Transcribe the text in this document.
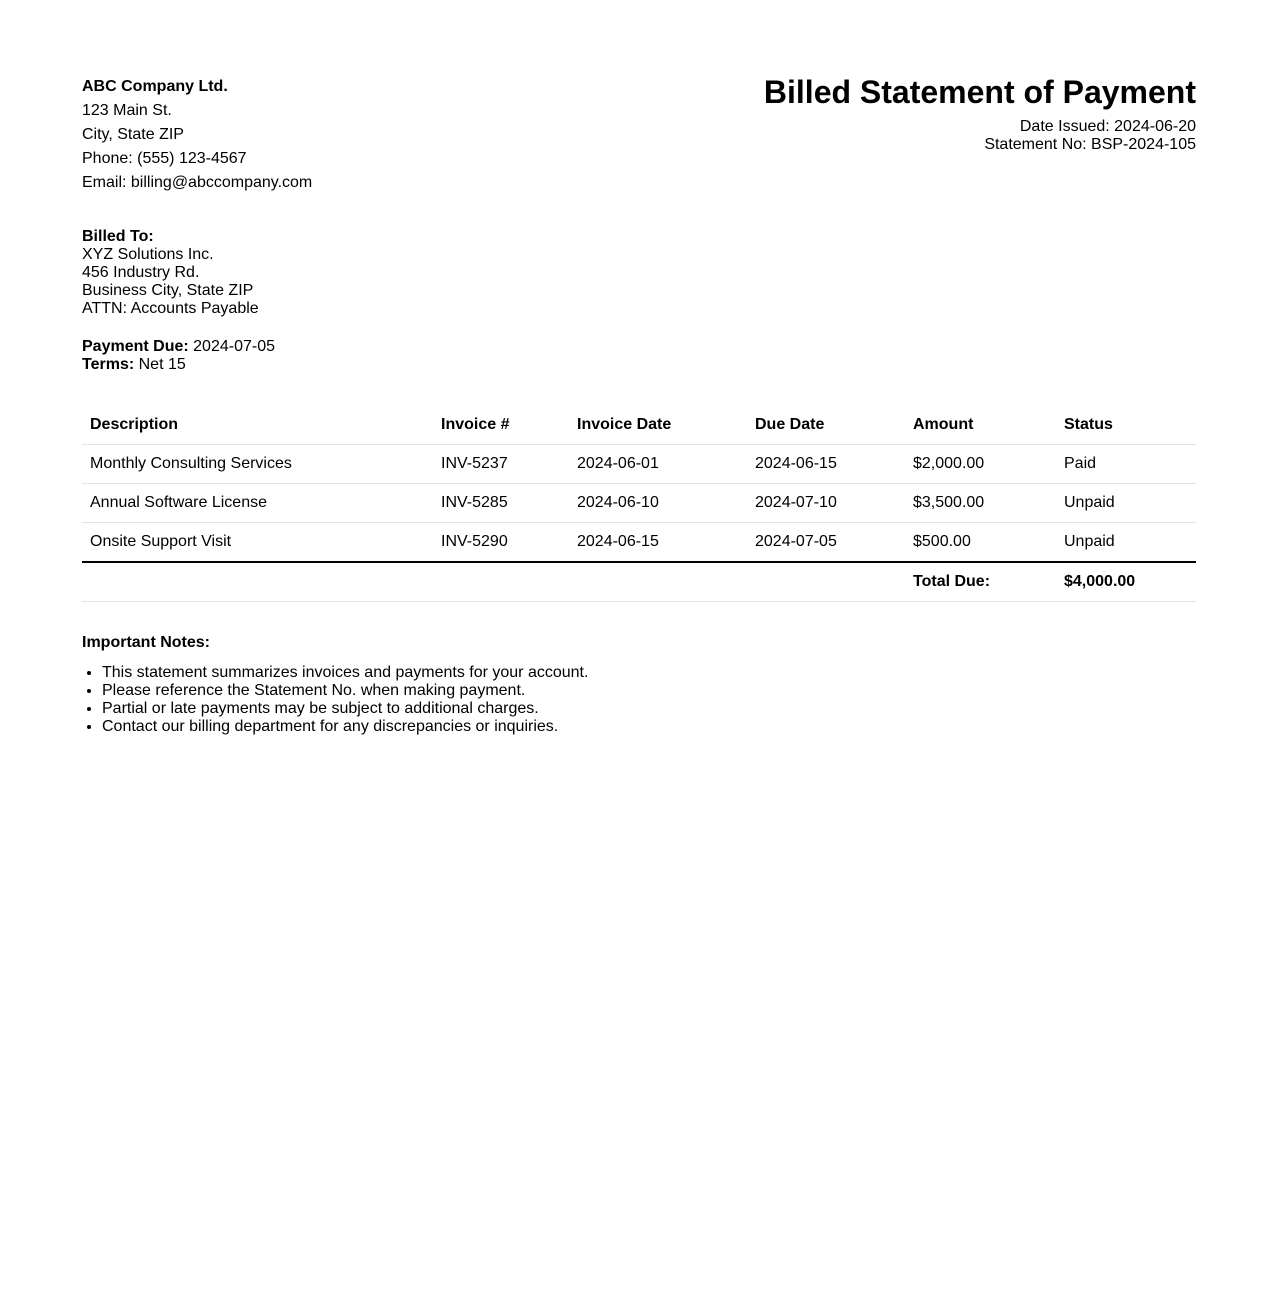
ABC Company Ltd.
123 Main St.
City, State ZIP
Phone: (555) 123-4567
Email: billing@abccompany.com
Billed Statement of Payment
Date Issued: 2024-06-20
Statement No: BSP-2024-105
Billed To:
XYZ Solutions Inc.
456 Industry Rd.
Business City, State ZIP
ATTN: Accounts Payable
Payment Due: 2024-07-05
Terms: Net 15
Description	Invoice #	Invoice Date	Due Date	Amount	Status
Monthly Consulting Services	INV-5237	2024-06-01	2024-06-15	$2,000.00	Paid
Annual Software License	INV-5285	2024-06-10	2024-07-10	$3,500.00	Unpaid
Onsite Support Visit	INV-5290	2024-06-15	2024-07-05	$500.00	Unpaid
				Total Due:	$4,000.00
Important Notes:
• This statement summarizes invoices and payments for your account.
• Please reference the Statement No. when making payment.
• Partial or late payments may be subject to additional charges.
• Contact our billing department for any discrepancies or inquiries.
